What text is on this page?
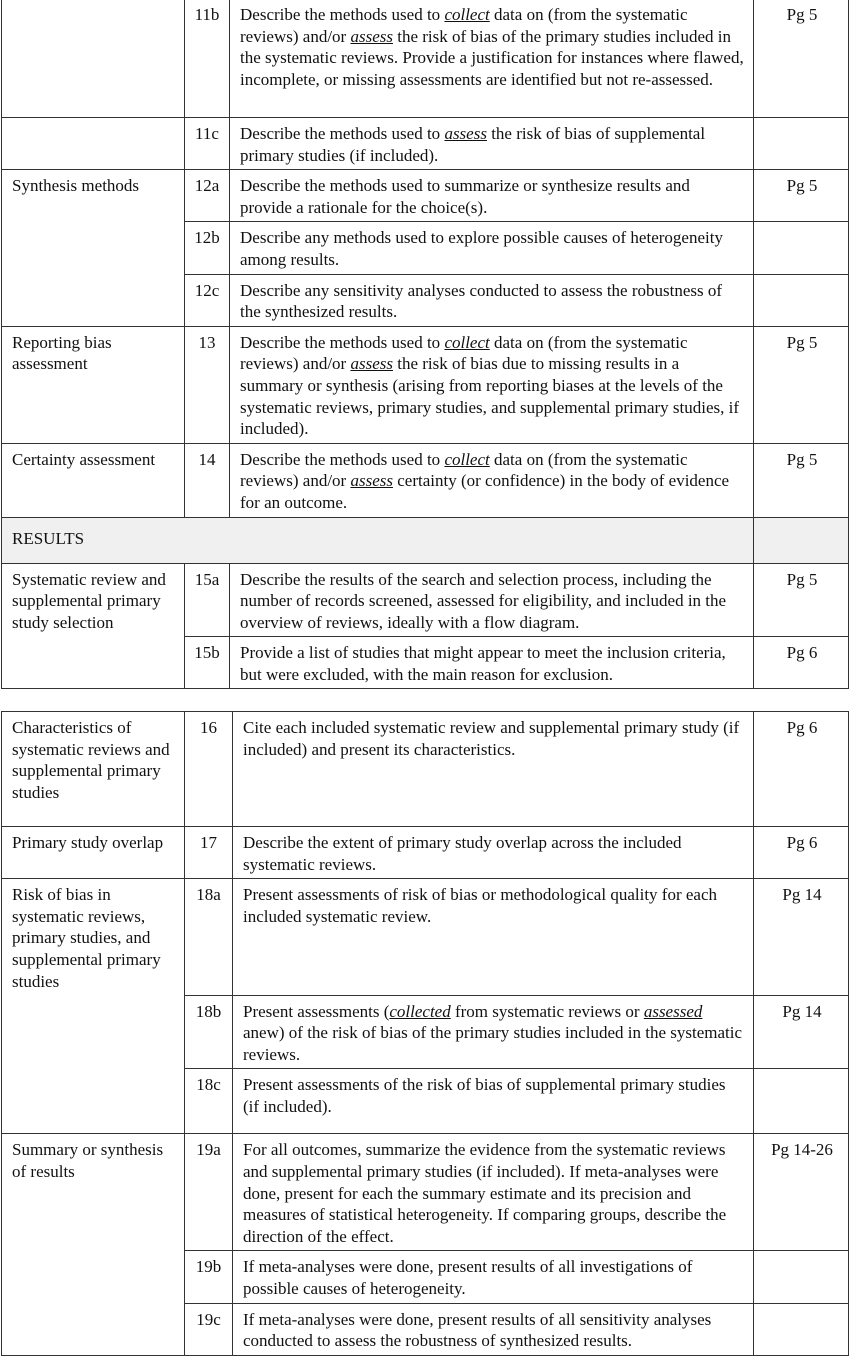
	11b	Describe the methods used to collect data on (from the systematic reviews) and/or assess the risk of bias of the primary studies included in the systematic reviews. Provide a justification for instances where flawed, incomplete, or missing assessments are identified but not re-assessed.	Pg 5
	11c	Describe the methods used to assess the risk of bias of supplemental primary studies (if included).	
Synthesis methods	12a	Describe the methods used to summarize or synthesize results and provide a rationale for the choice(s).	Pg 5
	12b	Describe any methods used to explore possible causes of heterogeneity among results.	
	12c	Describe any sensitivity analyses conducted to assess the robustness of the synthesized results.	
Reporting bias assessment	13	Describe the methods used to collect data on (from the systematic reviews) and/or assess the risk of bias due to missing results in a summary or synthesis (arising from reporting biases at the levels of the systematic reviews, primary studies, and supplemental primary studies, if included).	Pg 5
Certainty assessment	14	Describe the methods used to collect data on (from the systematic reviews) and/or assess certainty (or confidence) in the body of evidence for an outcome.	Pg 5
RESULTS			
Systematic review and supplemental primary study selection	15a	Describe the results of the search and selection process, including the number of records screened, assessed for eligibility, and included in the overview of reviews, ideally with a flow diagram.	Pg 5
	15b	Provide a list of studies that might appear to meet the inclusion criteria, but were excluded, with the main reason for exclusion.	Pg 6
Characteristics of systematic reviews and supplemental primary studies	16	Cite each included systematic review and supplemental primary study (if included) and present its characteristics.	Pg 6
Primary study overlap	17	Describe the extent of primary study overlap across the included systematic reviews.	Pg 6
Risk of bias in systematic reviews, primary studies, and supplemental primary studies	18a	Present assessments of risk of bias or methodological quality for each included systematic review.	Pg 14
	18b	Present assessments (collected from systematic reviews or assessed anew) of the risk of bias of the primary studies included in the systematic reviews.	Pg 14
	18c	Present assessments of the risk of bias of supplemental primary studies (if included).	
Summary or synthesis of results	19a	For all outcomes, summarize the evidence from the systematic reviews and supplemental primary studies (if included). If meta-analyses were done, present for each the summary estimate and its precision and measures of statistical heterogeneity. If comparing groups, describe the direction of the effect.	Pg 14-26
	19b	If meta-analyses were done, present results of all investigations of possible causes of heterogeneity.	
	19c	If meta-analyses were done, present results of all sensitivity analyses conducted to assess the robustness of synthesized results.	
